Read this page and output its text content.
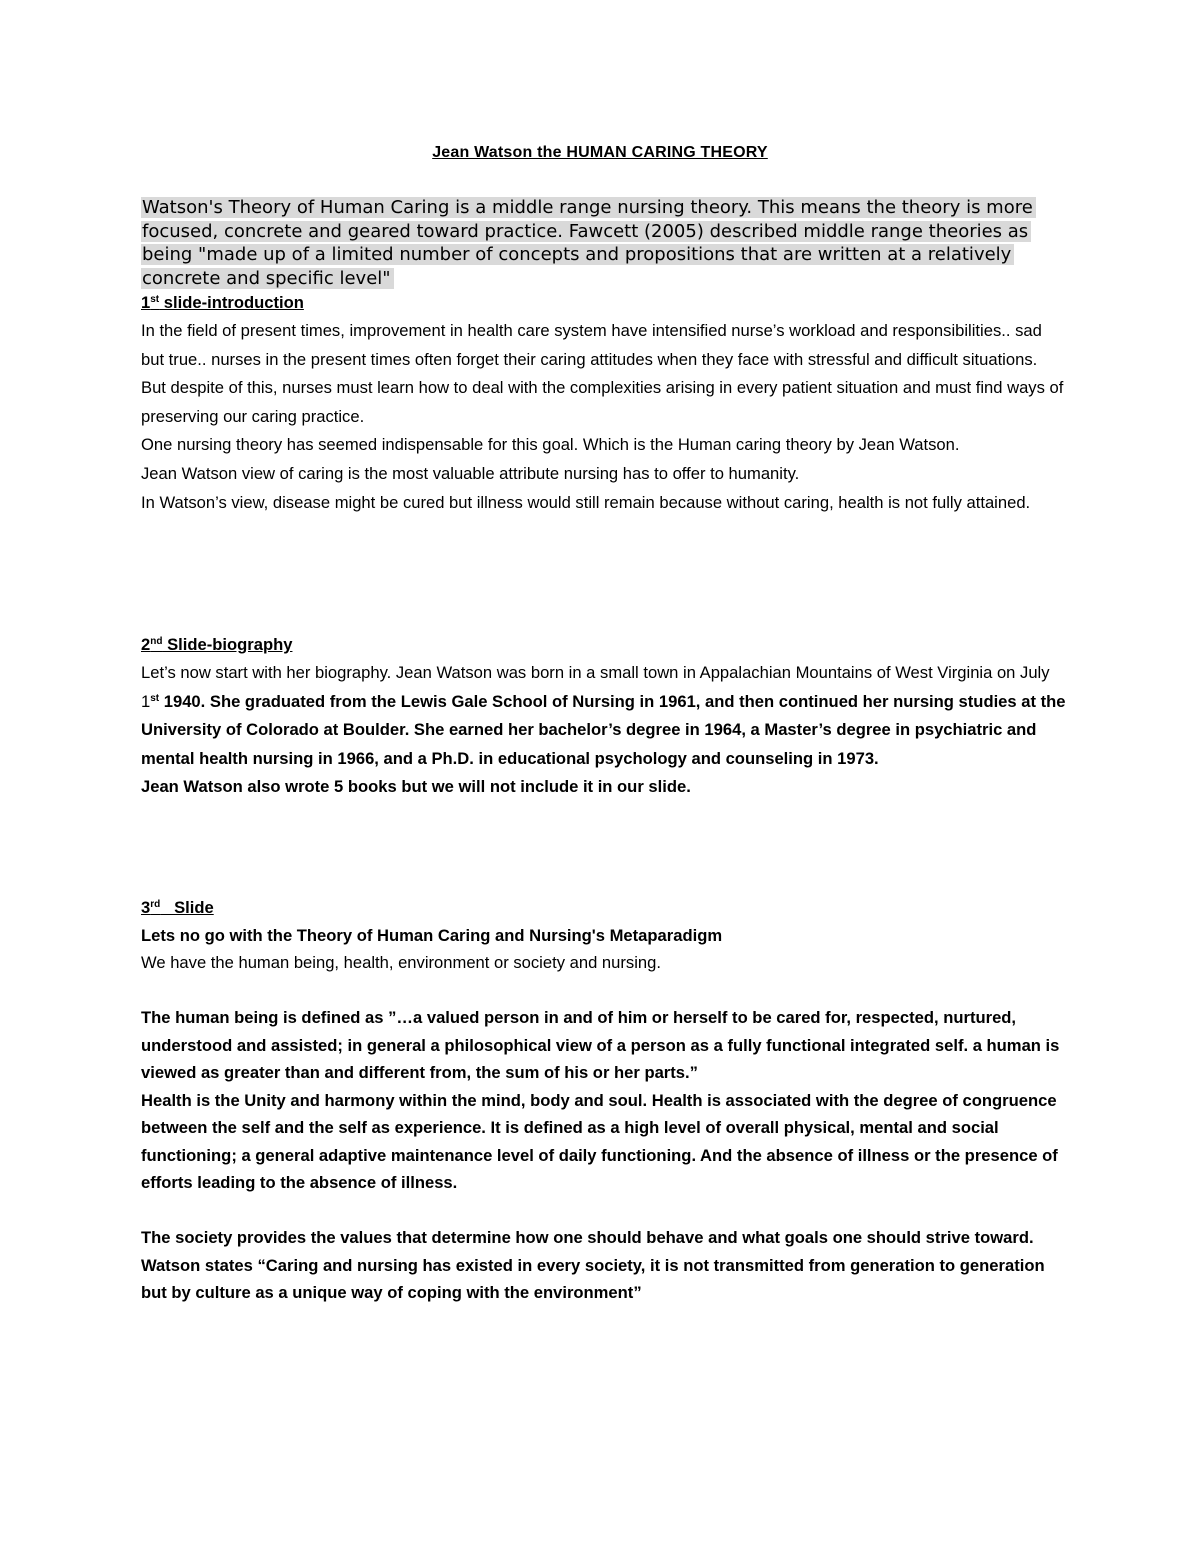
Jean Watson the HUMAN CARING THEORY
Watson's Theory of Human Caring is a middle range nursing theory. This means the theory is more focused, concrete and geared toward practice. Fawcett (2005) described middle range theories as being "made up of a limited number of concepts and propositions that are written at a relatively concrete and specific level"
1st slide-introduction

In the field of present times, improvement in health care system have intensified nurse’s workload and responsibilities.. sad but true.. nurses in the present times often forget their caring attitudes when they face with stressful and difficult situations.

But despite of this, nurses must learn how to deal with the complexities arising in every patient situation and must find ways of preserving our caring practice.

One nursing theory has seemed indispensable for this goal. Which is the Human caring theory by Jean Watson.

Jean Watson view of caring is the most valuable attribute nursing has to offer to humanity.

In Watson’s view, disease might be cured but illness would still remain because without caring, health is not fully attained.

2nd Slide-biography

Let’s now start with her biography. Jean Watson was born in a small town in Appalachian Mountains of West Virginia on July 1st 1940. She graduated from the Lewis Gale School of Nursing in 1961, and then continued her nursing studies at the University of Colorado at Boulder. She earned her bachelor’s degree in 1964, a Master’s degree in psychiatric and mental health nursing in 1966, and a Ph.D. in educational psychology and counseling in 1973.

Jean Watson also wrote 5 books but we will not include it in our slide.

3rd   Slide

Lets no go with the Theory of Human Caring and Nursing's Metaparadigm

We have the human being, health, environment or society and nursing.

The human being is defined as ”…a valued person in and of him or herself to be cared for, respected, nurtured, understood and assisted; in general a philosophical view of a person as a fully functional integrated self. a human is viewed as greater than and different from, the sum of his or her parts.”

Health is the Unity and harmony within the mind, body and soul. Health is associated with the degree of congruence between the self and the self as experience. It is defined as a high level of overall physical, mental and social functioning; a general adaptive maintenance level of daily functioning. And the absence of illness or the presence of efforts leading to the absence of illness.

The society provides the values that determine how one should behave and what goals one should strive toward. Watson states “Caring and nursing has existed in every society, it is not transmitted from generation to generation but by culture as a unique way of coping with the environment”
